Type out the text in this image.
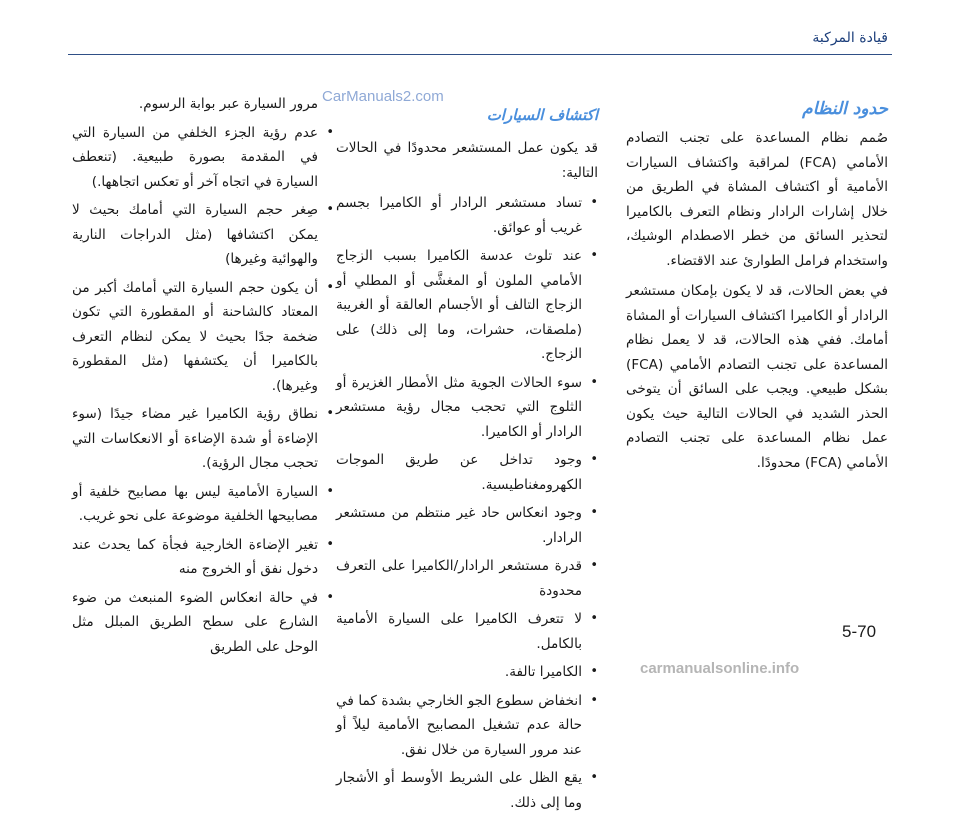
قيادة المركبة
CarManuals2.com
حدود النظام

صُمم نظام المساعدة على تجنب التصادم الأمامي (FCA) لمراقبة واكتشاف السيارات الأمامية أو اكتشاف المشاة في الطريق من خلال إشارات الرادار ونظام التعرف بالكاميرا لتحذير السائق من خطر الاصطدام الوشيك، واستخدام فرامل الطوارئ عند الاقتضاء.

في بعض الحالات، قد لا يكون بإمكان مستشعر الرادار أو الكاميرا اكتشاف السيارات أو المشاة أمامك. ففي هذه الحالات، قد لا يعمل نظام المساعدة على تجنب التصادم الأمامي (FCA) بشكل طبيعي. ويجب على السائق أن يتوخى الحذر الشديد في الحالات التالية حيث يكون عمل نظام المساعدة على تجنب التصادم الأمامي (FCA) محدودًا.

اكتشاف السيارات

قد يكون عمل المستشعر محدودًا في الحالات التالية:

• تساد مستشعر الرادار أو الكاميرا بجسم غريب أو عوائق.
• عند تلوث عدسة الكاميرا بسبب الزجاج الأمامي الملون أو المغشَّى أو المطلي أو الزجاج التالف أو الأجسام العالقة أو الغريبة (ملصقات، حشرات، وما إلى ذلك) على الزجاج.
• سوء الحالات الجوية مثل الأمطار الغزيرة أو الثلوج التي تحجب مجال رؤية مستشعر الرادار أو الكاميرا.
• وجود تداخل عن طريق الموجات الكهرومغناطيسية.
• وجود انعكاس حاد غير منتظم من مستشعر الرادار.
• قدرة مستشعر الرادار/الكاميرا على التعرف محدودة
• لا تتعرف الكاميرا على السيارة الأمامية بالكامل.
• الكاميرا تالفة.
• انخفاض سطوع الجو الخارجي بشدة كما في حالة عدم تشغيل المصابيح الأمامية ليلاً أو عند مرور السيارة من خلال نفق.
• يقع الظل على الشريط الأوسط أو الأشجار وما إلى ذلك.

مرور السيارة عبر بوابة الرسوم.

• عدم رؤية الجزء الخلفي من السيارة التي في المقدمة بصورة طبيعية. (تنعطف السيارة في اتجاه آخر أو تعكس اتجاهها.)
• صِغر حجم السيارة التي أمامك بحيث لا يمكن اكتشافها (مثل الدراجات النارية والهوائية وغيرها)
• أن يكون حجم السيارة التي أمامك أكبر من المعتاد كالشاحنة أو المقطورة التي تكون ضخمة جدًا بحيث لا يمكن لنظام التعرف بالكاميرا أن يكتشفها (مثل المقطورة وغيرها).
• نطاق رؤية الكاميرا غير مضاء جيدًا (سوء الإضاءة أو شدة الإضاءة أو الانعكاسات التي تحجب مجال الرؤية).
• السيارة الأمامية ليس بها مصابيح خلفية أو مصابيحها الخلفية موضوعة على نحو غريب.
• تغير الإضاءة الخارجية فجأة كما يحدث عند دخول نفق أو الخروج منه
• في حالة انعكاس الضوء المنبعث من ضوء الشارع على سطح الطريق المبلل مثل الوحل على الطريق
5-70
carmanualsonline.info
